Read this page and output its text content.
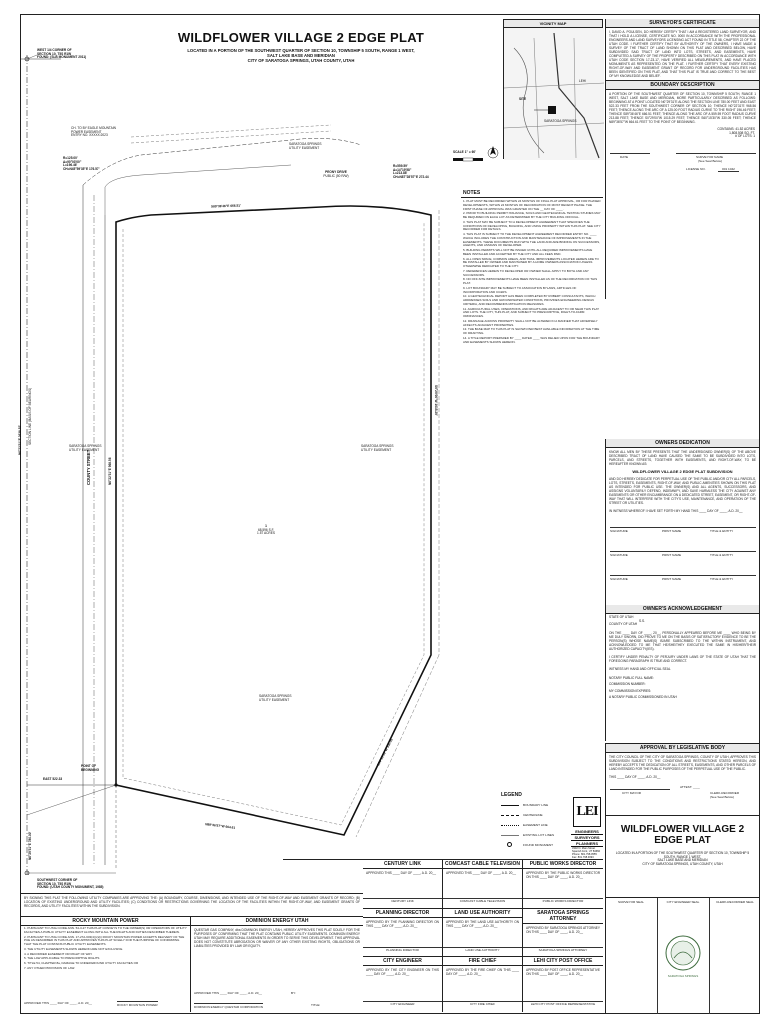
WILDFLOWER VILLAGE 2 EDGE PLAT
LOCATED IN A PORTION OF THE SOUTHWEST QUARTER OF SECTION 10, TOWNSHIP 5 SOUTH, RANGE 1 WEST,
SALT LAKE BASE AND MERIDIAN
CITY OF SARATOGA SPRINGS, UTAH COUNTY, UTAH
WEST 1/4 CORNER OF
SECTION 10, T5S R1W
FOUND: (SLB MONUMENT 2011)
CH. TO BY EAGLE MOUNTAIN
POWER EASEMENT
ENTRY NO. XXXXX:2023
SARATOGA SPRINGS
UTILITY EASEMENT
R=125.00'
Δ=90°03'00"
L=196.46'
CH=N45°59'35"E 176.57'
R=559.59'
Δ=14°19'58"
L=213.88'
CH=N87°28'57"E 272.44
PEONY DRIVE
PUBLIC (50 R/W)
S89°36'46"E 666.51'
N89°36'57"W 664.61
N0°22'31"E 2638.52' SECTION LINE (BASIS OF BEARINGS)
COUNTY STREET	N0°22'31"E 968.56
S0°29'00"W 1015.29'
S60°15'30"W 330.05
SARATOGA SPRINGS
UTILITY EASEMENT
SARATOGA SPRINGS
UTILITY EASEMENT
SARATOGA SPRINGS
UTILITY EASEMENT
1
68,596 S.F.
1.57 ACRES
POINT OF
BEGINNING
EAST 522.33
N0°29'31"E 780.00'
SOUTHWEST CORNER OF
SECTION 10, T5S R1W
FOUND: (UTAH COUNTY MONUMENT, 1985)
SCALE 1" = 60'
VICINITY MAP
SITE
SARATOGA SPRINGS
LEHI
NOTES
1. PLAT MUST BE RECORDED WITHIN 24 MONTHS OF FINAL PLAT APPROVAL, OR FOR PHASED DEVELOPMENTS, WITHIN 24 MONTHS OF RECORDATION OF MOST RECENT PHASE. THE FIRST PHASE OF APPROVAL WAS GRANTED ON THE __ DAY OF ____.
2. PRIOR TO BUILDING PERMIT ISSUANCE, SOILS AND GEOTECHNICAL TESTING STUDIES MAY BE REQUIRED ON EACH LOT AS DETERMINED BY THE CITY BUILDING OFFICIAL.
3. THIS PLAT MAY BE SUBJECT TO A DEVELOPMENT AGREEMENT THAT SPECIFIES THE CONDITIONS OF DEVELOPING, BUILDING, AND USING PROPERTY WITHIN THIS PLAT. SEE CITY RECORDER FOR DETAILS.
4. THIS PLAT IS SUBJECT TO THE DEVELOPMENT AGREEMENT RECORDED ENTRY NO. ____ WHICH INCLUDES THE CONSTRUCTION AND MAINTENANCE OF IMPROVEMENTS IN THE EASEMENTS. THESE DOCUMENTS RUN WITH THE LAND AND ARE BINDING ON SUCCESSORS, AGENTS, AND ASSIGNS OF DEVELOPER.
5. BUILDING PERMITS WILL NOT BE ISSUED UNTIL ALL REQUIRED IMPROVEMENTS HAVE BEEN INSTALLED AND ACCEPTED BY THE CITY AND ALL FEES PAID.
6. ALL OPEN SPACE, COMMON AREAS, AND TRAIL IMPROVEMENTS LOCATED HEREIN ARE TO BE INSTALLED BY OWNER AND MAINTAINED BY A HOME OWNERS ASSOCIATION UNLESS OTHERWISE DEDICATED TO THE CITY.
7. REFERENCES HEREIN TO DEVELOPER OR OWNER SHALL APPLY TO BOTH AND ANY SUCCESSORS.
8. NO OFF-SITE IMPROVEMENTS HAVE BEEN INSTALLED AS OF THE RECORDATION OF THIS PLAT.
9. LOT BOUNDARY MAY BE SUBJECT TO ASSOCIATION BYLAWS, ARTICLES OF INCORPORATION AND CC&RS.
10. A GEOTECHNICAL REPORT HAS BEEN COMPLETED BY ROBERT CONSULTANTS, WHICH ADDRESSES SOILS AND GROUNDWATER CONDITIONS, PROVIDES ENGINEERING DESIGN CRITERIA, AND RECOMMENDS MITIGATION MEASURES.
11. AGRICULTURAL USES, OPERATIONS, AND RIGHTS ARE ADJACENT TO OR NEAR THIS PLAT AND LOTS. THE CITY, THIS PLAT, AND SUBJECT TO PRESCRIPTIVE, RIGHT-TO-FARM ORDINANCES.
12. DRAINAGE ACROSS PROPERTY SHALL NOT BE ALTERED IN A MANNER THAT ADVERSELY AFFECTS ADJACENT PROPERTIES.
13. THE BASE MAP TO THIS PLAT IS SHOWN PER BEST AVAILABLE INFORMATION AT THE TIME OF DRAFTING.
14. A TITLE REPORT PREPARED BY ____ DATED ____ WAS RELIED UPON FOR THE BOUNDARY AND EASEMENTS SHOWN HEREON.
SURVEYOR'S CERTIFICATE
I, DAVID A. POULSEN, DO HEREBY CERTIFY THAT I AM A REGISTERED LAND SURVEYOR, AND THAT I HOLD A LICENSE, CERTIFICATE NO. 0000 IN ACCORDANCE WITH THE PROFESSIONAL ENGINEERS AND LAND SURVEYORS LICENSING ACT FOUND IN TITLE 58, CHAPTER 22 OF THE UTAH CODE. I FURTHER CERTIFY THAT BY AUTHORITY OF THE OWNERS, I HAVE MADE A SURVEY OF THE TRACT OF LAND SHOWN ON THIS PLAT AND DESCRIBED BELOW, HAVE SUBDIVIDED SAID TRACT OF LAND INTO LOTS, STREETS, AND EASEMENTS, HAVE COMPLETED A SURVEY OF THE PROPERTY DESCRIBED ON THIS PLAT IN ACCORDANCE WITH UTAH CODE SECTION 17-23-17, HAVE VERIFIED ALL MEASUREMENTS, AND HAVE PLACED MONUMENTS AS REPRESENTED ON THE PLAT. I FURTHER CERTIFY THAT EVERY EXISTING RIGHT-OF-WAY AND EASEMENT GRANT OF RECORD FOR UNDERGROUND FACILITIES HAS BEEN IDENTIFIED ON THIS PLAT, AND THAT THIS PLAT IS TRUE AND CORRECT TO THE BEST OF MY KNOWLEDGE AND BELIEF.
BOUNDARY DESCRIPTION
A PORTION OF THE SOUTHWEST QUARTER OF SECTION 10, TOWNSHIP 5 SOUTH, RANGE 1 WEST, SALT LAKE BASE AND MERIDIAN, MORE PARTICULARLY DESCRIBED AS FOLLOWS: BEGINNING AT A POINT LOCATED N0°29'31"E ALONG THE SECTION LINE 780.00 FEET AND EAST 522.33 FEET FROM THE SOUTHWEST CORNER OF SECTION 10; THENCE N0°22'31"E 968.56 FEET; THENCE ALONG THE ARC OF A 125.00 FOOT RADIUS CURVE TO THE RIGHT 196.46 FEET; THENCE S89°36'46"E 666.51 FEET; THENCE ALONG THE ARC OF A 559.59 FOOT RADIUS CURVE 213.88 FEET; THENCE S0°29'00"W 1015.29 FEET; THENCE S60°15'30"W 330.05 FEET; THENCE N89°36'57"W 664.61 FEET TO THE POINT OF BEGINNING.
CONTAINS: 41.52 ACRES
1,808,508 SQ. FT.
# OF LOTS: 1
DATE	SURVEYOR NAME
(See Seal Below)
LICENSE NO.	001 1042
OWNERS DEDICATION
KNOW ALL MEN BY THESE PRESENTS THAT THE UNDERSIGNED OWNER(S) OF THE ABOVE DESCRIBED TRACT OF LAND HAVE CAUSED THE SAME TO BE SUBDIVIDED INTO LOTS, PARCELS, AND STREETS, TOGETHER WITH EASEMENTS, AND RIGHT-OF-WAY, TO BE HEREAFTER KNOWN AS:
WILDFLOWER VILLAGE 2 EDGE PLAT SUBDIVISION
AND DO HEREBY DEDICATE FOR PERPETUAL USE OF THE PUBLIC AND/OR CITY ALL PARCELS, LOTS, STREETS, EASEMENTS, RIGHT-OF-WAY, AND PUBLIC AMENITIES SHOWN ON THIS PLAT AS INTENDED FOR PUBLIC USE. THE OWNER(S) AND ALL AGENTS, SUCCESSORS, AND ASSIGNS VOLUNTARILY DEFEND, INDEMNIFY, AND SAVE HARMLESS THE CITY AGAINST ANY EASEMENTS OR OTHER ENCUMBRANCE ON A DEDICATED STREET, EASEMENT, OR RIGHT-OF-WAY THAT WILL INTERFERE WITH THE CITY'S USE, MAINTENANCE, AND OPERATION OF THE STREET OR UTILITIES.
IN WITNESS WHEREOF I HAVE SET FORTH MY HAND THIS ____ DAY OF ____, A.D. 20__
SIGNATURE	PRINT NAME	TITLE & ENTITY
SIGNATURE	PRINT NAME	TITLE & ENTITY
SIGNATURE	PRINT NAME	TITLE & ENTITY
OWNER'S ACKNOWLEDGEMENT
STATE OF UTAH
S.S.
COUNTY OF UTAH
ON THE ____ DAY OF ____, 20__, PERSONALLY APPEARED BEFORE ME ____ WHO BEING BY ME DULY SWORN, DID PROVE TO ME ON THE BASIS OF SATISFACTORY EVIDENCE TO BE THE PERSON(S) WHOSE NAME(S) IS/ARE SUBSCRIBED TO THE WITHIN INSTRUMENT, AND ACKNOWLEDGED TO ME THAT HE/SHE/THEY EXECUTED THE SAME IN HIS/HER/THEIR AUTHORIZED CAPACITY(IES).
I CERTIFY UNDER PENALTY OF PERJURY UNDER LAWS OF THE STATE OF UTAH THAT THE FOREGOING PARAGRAPH IS TRUE AND CORRECT.
WITNESS MY HAND AND OFFICIAL SEAL
NOTARY PUBLIC FULL NAME:
COMMISSION NUMBER:
MY COMMISSION EXPIRES:
A NOTARY PUBLIC COMMISSIONED IN UTAH
APPROVAL BY LEGISLATIVE BODY
THE CITY COUNCIL OF THE CITY OF SARATOGA SPRINGS, COUNTY OF UTAH, APPROVES THIS SUBDIVISION SUBJECT TO THE CONDITIONS AND RESTRICTIONS STATED HEREON, AND HEREBY ACCEPTS THE DEDICATION OF ALL STREETS, EASEMENTS, AND OTHER PARCELS OF LAND INTENDED FOR THE PUBLIC PURPOSES OF THE PERPETUAL USE OF THE PUBLIC.
THIS ____ DAY OF ____, A.D. 20__
CITY MAYOR
ATTEST: ____
CLERK-RECORDER
(See Seal Below)
LEGEND
BOUNDARY LINE
CENTERLINE
EASEMENT LINE
EXISTING LOT LINES
FOUND MONUMENT
LEI
ENGINEERS
SURVEYORS
PLANNERS
3302 N. Main Street
Spanish Fork, UT 84660
Phone: 801.798.0555
Fax: 801.798.9393
WILDFLOWER VILLAGE 2
EDGE PLAT
LOCATED IN A PORTION OF THE SOUTHWEST QUARTER OF SECTION 10, TOWNSHIP 5 SOUTH, RANGE 1 WEST,
SALT LAKE BASE AND MERIDIAN
CITY OF SARATOGA SPRINGS, UTAH COUNTY, UTAH
CENTURY LINK
APPROVED THIS ____ DAY OF ____, A.D. 20__
CENTURY LINK
COMCAST CABLE TELEVISION
APPROVED THIS ____ DAY OF ____, A.D. 20__
COMCAST CABLE TELEVISION
PUBLIC WORKS DIRECTOR
APPROVED BY THE PUBLIC WORKS DIRECTOR ON THIS ____ DAY OF ____, A.D. 20__
PUBLIC WORKS DIRECTOR
PLANNING DIRECTOR
APPROVED BY THE PLANNING DIRECTOR ON THIS ____ DAY OF ____, A.D. 20__
PLANNING DIRECTOR
LAND USE AUTHORITY
APPROVED BY THE LAND USE AUTHORITY ON THIS ____ DAY OF ____, A.D. 20__
LAND USE AUTHORITY
SARATOGA SPRINGS ATTORNEY
APPROVED BY SARATOGA SPRINGS ATTORNEY ON THIS ____ DAY OF ____, A.D. 20__
SARATOGA SPRINGS ATTORNEY
CITY ENGINEER
APPROVED BY THE CITY ENGINEER ON THIS ____ DAY OF ____, A.D. 20__
CITY ENGINEER
FIRE CHIEF
APPROVED BY THE FIRE CHIEF ON THIS ____ DAY OF ____, A.D. 20__
CITY FIRE CHIEF
LEHI CITY POST OFFICE
APPROVED BY POST OFFICE REPRESENTATIVE ON THIS ____ DAY OF ____, A.D. 20__
LEHI CITY POST OFFICE REPRESENTATIVE
BY SIGNING THIS PLAT THE FOLLOWING UTILITY COMPANIES ARE APPROVING THE: (A) BOUNDARY, COURSE, DIMENSIONS, AND INTENDED USE OF THE RIGHT-OF-WAY AND EASEMENT GRANTS OF RECORD; (B) LOCATION OF EXISTING UNDERGROUND AND UTILITY FACILITIES; (C) CONDITIONS OR RESTRICTIONS GOVERNING THE LOCATION OF THE FACILITIES WITHIN THE RIGHT-OF-WAY, AND EASEMENT GRANTS OF RECORDS, AND UTILITY FACILITIES WITHIN THE SUBDIVISION.
ROCKY MOUNTAIN POWER
1. PURSUANT TO UTAH CODE ANN. 54-3-27 THIS PLAT CONVEYS TO THE OWNER(S) OR OPERATORS OF UTILITY FACILITIES A PUBLIC UTILITY EASEMENT ALONG WITH ALL THE RIGHTS AND DUTIES DESCRIBED THEREIN.
2. PURSUANT TO UTAH CODE ANN. 17-27A-603(4)(c)(ii) ROCKY MOUNTAIN POWER ACCEPTS DELIVERY OF THE PUE AS DESCRIBED IN THIS PLAT AND APPROVES THIS PLAT SOLELY FOR THE PURPOSE OF CONFIRMING THAT THE PLAT CONTAINS PUBLIC UTILITY EASEMENTS.
3. THE UTILITY EASEMENTS SHOWN HEREON ARE NOT EXCLUSIVE.
4. A RECORDED EASEMENT OR RIGHT OF WAY
5. THE LAW APPLICABLE TO PRESCRIPTIVE RIGHTS
6. TITLE 54, CHAPTER 8a, DAMAGE TO UNDERGROUND UTILITY FACILITIES OR
7. ANY OTHER PROVISION OF LAW.
APPROVED THIS ____ DAY OF ____, A.D. 20__	ROCKY MOUNTAIN POWER
DOMINION ENERGY UTAH
QUESTAR GAS COMPANY, dba DOMINION ENERGY UTAH, HEREBY APPROVES THIS PLAT SOLELY FOR THE PURPOSES OF CONFIRMING THAT THE PLAT CONTAINS PUBLIC UTILITY EASEMENTS. DOMINION ENERGY UTAH MAY REQUIRE ADDITIONAL EASEMENTS IN ORDER TO SERVE THIS DEVELOPMENT. THIS APPROVAL DOES NOT CONSTITUTE ABROGATION OR WAIVER OF ANY OTHER EXISTING RIGHTS, OBLIGATIONS OR LIABILITIES PROVIDED BY LAW OR EQUITY.
APPROVED THIS ____ DAY OF ____, A.D. 20__	BY:
DOMINION ENERGY QUESTAR CORPORATION	TITLE:
SURVEYOR SEAL	CITY ENGINEER SEAL	CLERK-RECORDER SEAL
SARATOGA SPRINGS
